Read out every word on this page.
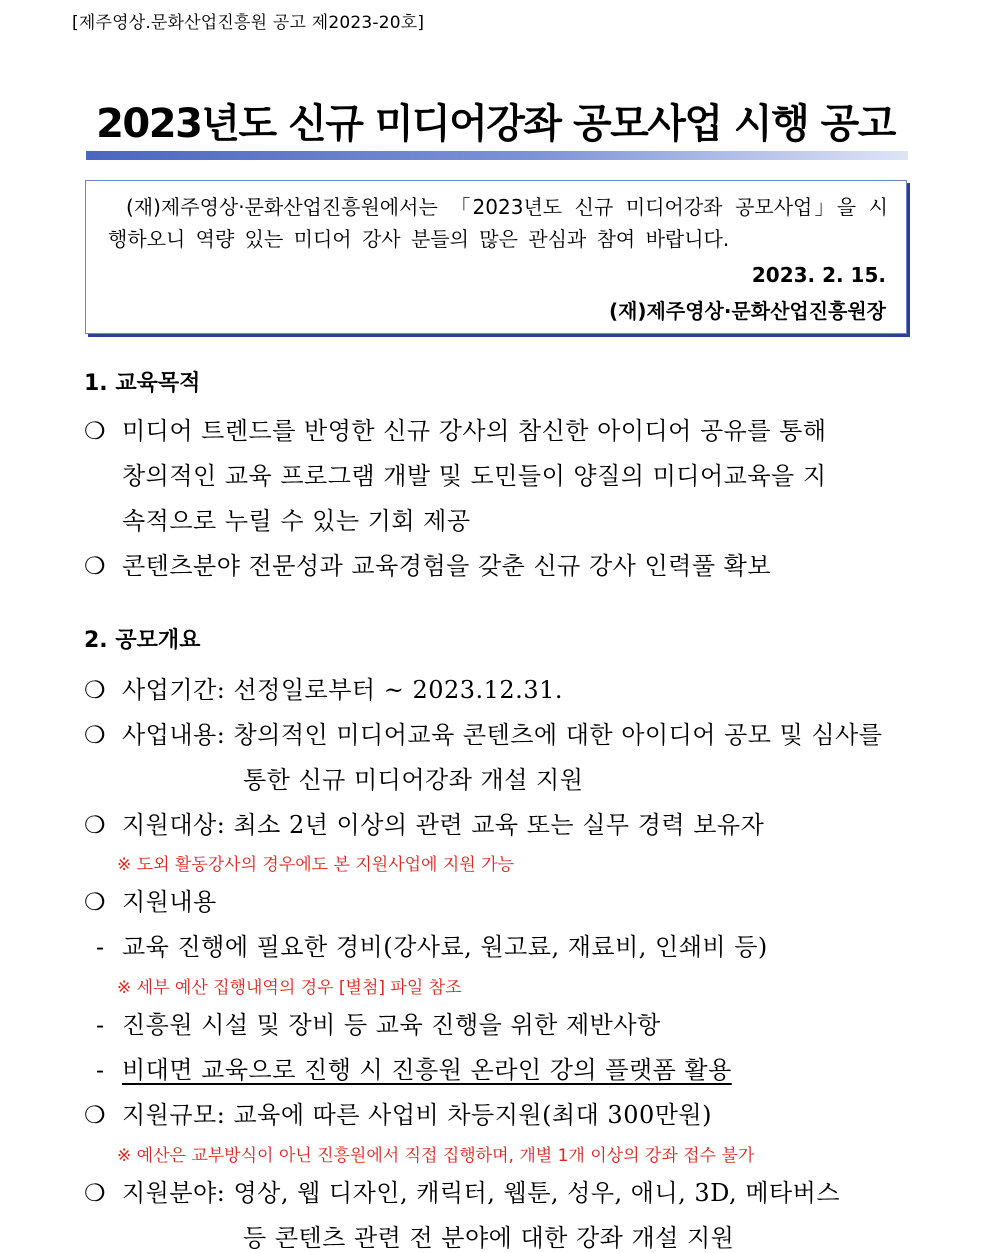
[제주영상.문화산업진흥원 공고 제2023-20호]
2023년도 신규 미디어강좌 공모사업 시행 공고
(재)제주영상·문화산업진흥원에서는 「2023년도 신규 미디어강좌 공모사업」을 시행하오니 역량 있는 미디어 강사 분들의 많은 관심과 참여 바랍니다.
2023. 2. 15.
(재)제주영상·문화산업진흥원장
1. 교육목적
❍ 미디어 트렌드를 반영한 신규 강사의 참신한 아이디어 공유를 통해
창의적인 교육 프로그램 개발 및 도민들이 양질의 미디어교육을 지
속적으로 누릴 수 있는 기회 제공
❍ 콘텐츠분야 전문성과 교육경험을 갖춘 신규 강사 인력풀 확보
2. 공모개요
❍ 사업기간: 선정일로부터 ~ 2023.12.31.
❍ 사업내용: 창의적인 미디어교육 콘텐츠에 대한 아이디어 공모 및 심사를
통한 신규 미디어강좌 개설 지원
❍ 지원대상: 최소 2년 이상의 관련 교육 또는 실무 경력 보유자
※ 도외 활동강사의 경우에도 본 지원사업에 지원 가능
❍ 지원내용
- 교육 진행에 필요한 경비(강사료, 원고료, 재료비, 인쇄비 등)
※ 세부 예산 집행내역의 경우 [별첨] 파일 참조
- 진흥원 시설 및 장비 등 교육 진행을 위한 제반사항
- 비대면 교육으로 진행 시 진흥원 온라인 강의 플랫폼 활용
❍ 지원규모: 교육에 따른 사업비 차등지원(최대 300만원)
※ 예산은 교부방식이 아닌 진흥원에서 직접 집행하며, 개별 1개 이상의 강좌 접수 불가
❍ 지원분야: 영상, 웹 디자인, 캐릭터, 웹툰, 성우, 애니, 3D, 메타버스
등 콘텐츠 관련 전 분야에 대한 강좌 개설 지원
